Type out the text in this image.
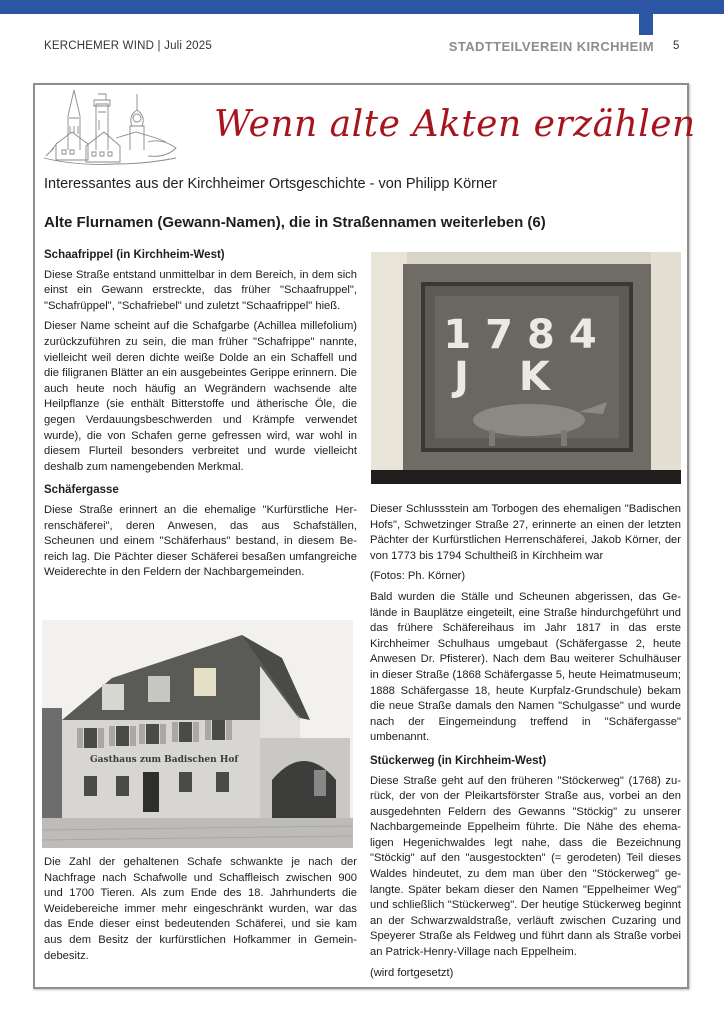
KERCHEMER WIND | Juli 2025	STADTTEILVEREIN KIRCHHEIM 5
Wenn alte Akten erzählen
Interessantes aus der Kirchheimer Ortsgeschichte - von Philipp Körner
Alte Flurnamen (Gewann-Namen), die in Straßennamen weiterleben (6)
Schaafrippel (in Kirchheim-West)

Diese Straße entstand unmittelbar in dem Bereich, in dem sich einst ein Gewann erstreckte, das früher "Schaafruppel", "Schafrüppel", "Schafriebel" und zuletzt "Schaafrippel" hieß.

Dieser Name scheint auf die Schafgarbe (Achillea millefolium) zurückzuführen zu sein, die man früher "Schafrippe" nannte, vielleicht weil deren dichte weiße Dolde an ein Schaffell und die filigranen Blätter an ein ausgebeintes Gerippe erinnern. Die auch heute noch häufig an Wegrändern wachsende alte Heilpflanze (sie enthält Bitterstoffe und ätherische Öle, die gegen Verdauungsbeschwerden und Krämpfe verwendet wurde), die von Schafen gerne gefressen wird, war wohl in diesem Flurteil besonders verbreitet und wurde vielleicht deshalb zum namengebenden Merkmal.

Schäfergasse

Diese Straße erinnert an die ehemalige "Kurfürstliche Herrenschäferei", deren Anwesen, das aus Schafställen, Scheunen und einem "Schäferhaus" bestand, in diesem Bereich lag. Die Pächter dieser Schäferei besaßen umfangreiche Weiderechte in den Feldern der Nachbargemeinden.

Gasthaus zum Badischen Hof

Die Zahl der gehaltenen Schafe schwankte je nach der Nachfrage nach Schafwolle und Schaffleisch zwischen 900 und 1700 Tieren. Als zum Ende des 18. Jahrhunderts die Weidebereiche immer mehr eingeschränkt wurden, war das das Ende dieser einst bedeutenden Schäferei, und sie kam aus dem Besitz der kurfürstlichen Hofkammer in Gemeindebesitz.

1784
JK

Dieser Schlussstein am Torbogen des ehemaligen "Badischen Hofs", Schwetzinger Straße 27, erinnerte an einen der letzten Pächter der Kurfürstlichen Herrenschäferei, Jakob Körner, der von 1773 bis 1794 Schultheiß in Kirchheim war

(Fotos: Ph. Körner)

Bald wurden die Ställe und Scheunen abgerissen, das Gelände in Bauplätze eingeteilt, eine Straße hindurchgeführt und das frühere Schäfereihaus im Jahr 1817 in das erste Kirchheimer Schulhaus umgebaut (Schäfergasse 2, heute Anwesen Dr. Pfisterer). Nach dem Bau weiterer Schulhäuser in dieser Straße (1868 Schäfergasse 5, heute Heimatmuseum; 1888 Schäfergasse 18, heute Kurpfalz-Grundschule) bekam die neue Straße damals den Namen "Schulgasse" und wurde nach der Eingemeindung treffend in "Schäfergasse" umbenannt.

Stückerweg (in Kirchheim-West)

Diese Straße geht auf den früheren "Stöckerweg" (1768) zurück, der von der Pleikartsförster Straße aus, vorbei an den ausgedehnten Feldern des Gewanns "Stöckig" zu unserer Nachbargemeinde Eppelheim führte. Die Nähe des ehemaligen Hegenichwaldes legt nahe, dass die Bezeichnung "Stöckig" auf den "ausgestockten" (= gerodeten) Teil dieses Waldes hindeutet, zu dem man über den "Stöckerweg" gelangte. Später bekam dieser den Namen "Eppelheimer Weg" und schließlich "Stückerweg". Der heutige Stückerweg beginnt an der Schwarzwaldstraße, verläuft zwischen Cuzaring und Speyerer Straße als Feldweg und führt dann als Straße vorbei an Patrick-Henry-Village nach Eppelheim.

(wird fortgesetzt)
